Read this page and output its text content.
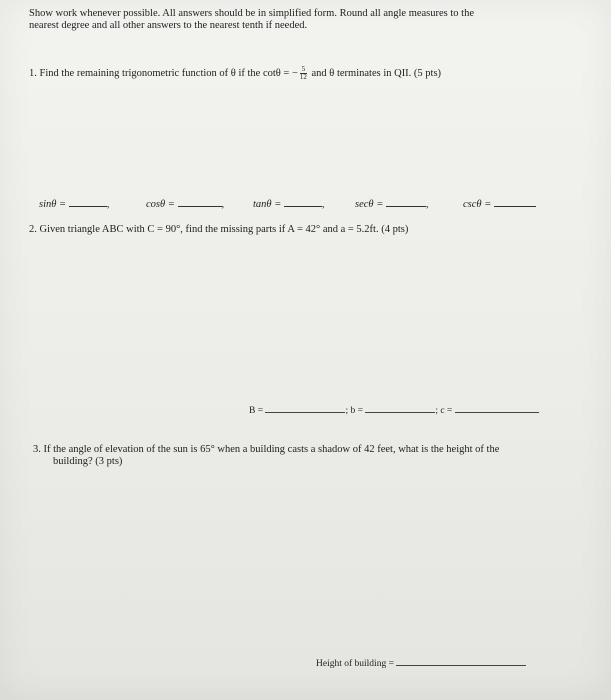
Show work whenever possible. All answers should be in simplified form. Round all angle measures to the
nearest degree and all other answers to the nearest tenth if needed.
1. Find the remaining trigonometric function of θ if the cotθ = − $\frac{5}{12}$ and θ terminates in QII. (5 pts)
sinθ =	,	cosθ =	,	tanθ =	,	secθ =	,	cscθ =
2. Given triangle ABC with C = 90°, find the missing parts if A = 42° and a = 5.2ft. (4 pts)
B =	; b =	; c =
3. If the angle of elevation of the sun is 65° when a building casts a shadow of 42 feet, what is the height of the
building? (3 pts)
Height of building =
